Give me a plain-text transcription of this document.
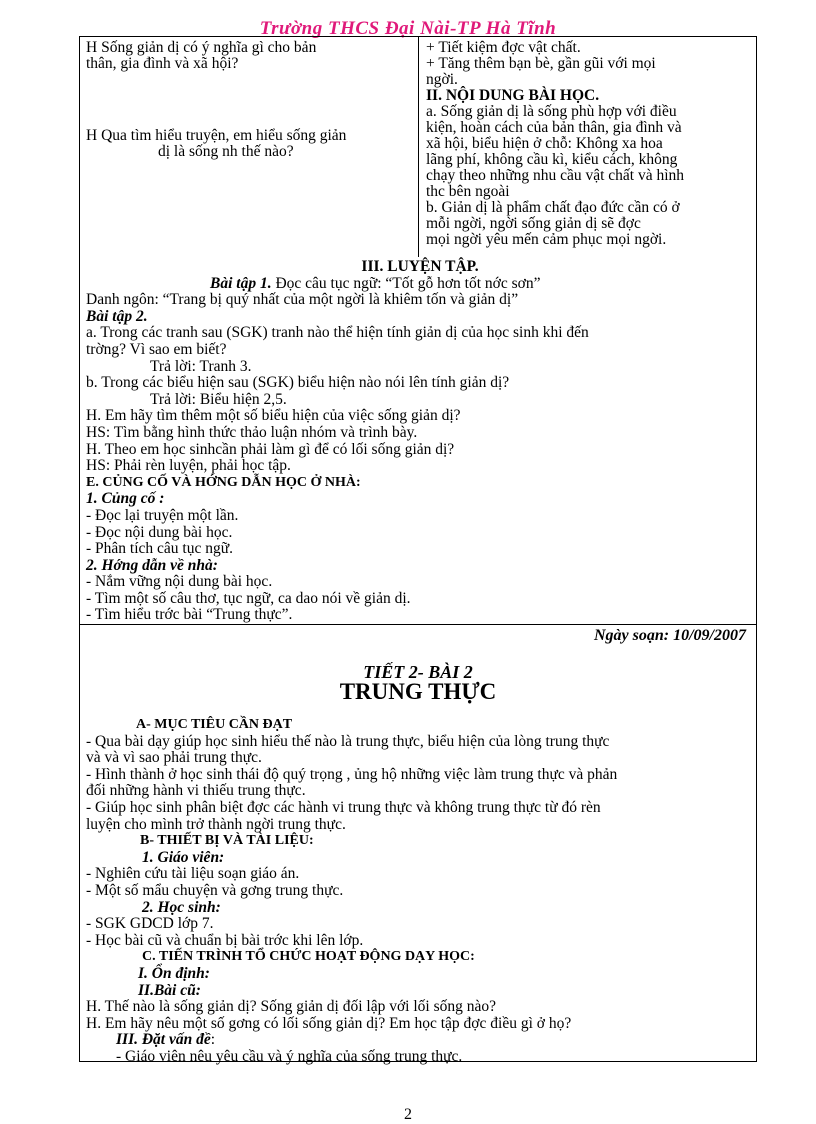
Trường THCS Đại Nài-TP Hà Tĩnh
H Sống giản dị có ý nghĩa gì cho bản
thân, gia đình và xã hội?
H Qua tìm hiểu truyện, em hiểu sống giản
dị là sống nh thế nào?
+ Tiết kiệm đợc vật chất.
+ Tăng thêm bạn bè, gần gũi với mọi
ngời.
II. NỘI DUNG BÀI HỌC.
a. Sống giản dị là sống phù hợp với điều
kiện, hoàn cách của bản thân, gia đình và
xã hội, biểu hiện ở chỗ: Không xa hoa
lãng phí, không cầu kì, kiểu cách, không
chạy theo những nhu cầu vật chất và hình
thc bên ngoài
b. Giản dị là phẩm chất đạo đức cần có ở
mỗi ngời, ngời sống giản dị sẽ đợc
mọi ngời yêu mến cảm phục mọi ngời.
III. LUYỆN TẬP.
Bài tập 1. Đọc câu tục ngữ: “Tốt gỗ hơn tốt nớc sơn”
Danh ngôn: “Trang bị quý nhất của một ngời là khiêm tốn và giản dị”
Bài tập 2.
a. Trong các tranh sau (SGK) tranh nào thể hiện tính giản dị của học sinh khi đến
trờng? Vì sao em biết?
Trả lời: Tranh 3.
b. Trong các biểu hiện sau (SGK) biểu hiện nào nói lên tính giản dị?
Trả lời: Biểu hiện 2,5.
H. Em hãy tìm thêm một số biểu hiện của việc sống giản dị?
HS: Tìm bằng hình thức thảo luận nhóm và trình bày.
H. Theo em học sinhcần phải làm gì để có lối sống giản dị?
HS: Phải rèn luyện, phải học tập.
E. CỦNG CỐ VÀ HỚNG DẪN HỌC Ở NHÀ:
1. Củng cố :
- Đọc lại truyện một lần.
- Đọc nội dung bài học.
- Phân tích câu tục ngữ.
2. Hớng dẫn về nhà:
- Nắm vững nội dung bài học.
- Tìm một số câu thơ, tục ngữ, ca dao nói về giản dị.
- Tìm hiểu trớc bài “Trung thực”.
Ngày soạn: 10/09/2007
TIẾT 2- BÀI 2
TRUNG THỰC
A- MỤC TIÊU CẦN ĐẠT
- Qua bài dạy giúp học sinh hiểu thế nào là trung thực, biểu hiện của lòng trung thực
và và vì sao phải trung thực.
- Hình thành ở học sinh thái độ quý trọng , ủng hộ những việc làm trung thực và phản
đối những hành vi thiếu trung thực.
- Giúp học sinh phân biệt đợc các hành vi trung thực và không trung thực từ đó rèn
luyện cho mình trở thành ngời trung thực.
B- THIẾT BỊ VÀ TÀI LIỆU:
1. Giáo viên:
- Nghiên cứu tài liệu soạn giáo án.
- Một số mẩu chuyện và gơng trung thực.
2. Học sinh:
- SGK GDCD lớp 7.
- Học bài cũ và chuẩn bị bài trớc khi lên lớp.
C. TIẾN TRÌNH TỔ CHỨC HOẠT ĐỘNG DẠY HỌC:
I. Ổn định:
II.Bài cũ:
H. Thế nào là sống giản dị? Sống giản dị đối lập với lối sống nào?
H. Em hãy nêu một số gơng có lối sống giản dị? Em học tập đợc điều gì ở họ?
III. Đặt vấn đề:
- Giáo viên nêu yêu cầu và ý nghĩa của sống trung thực.
2
